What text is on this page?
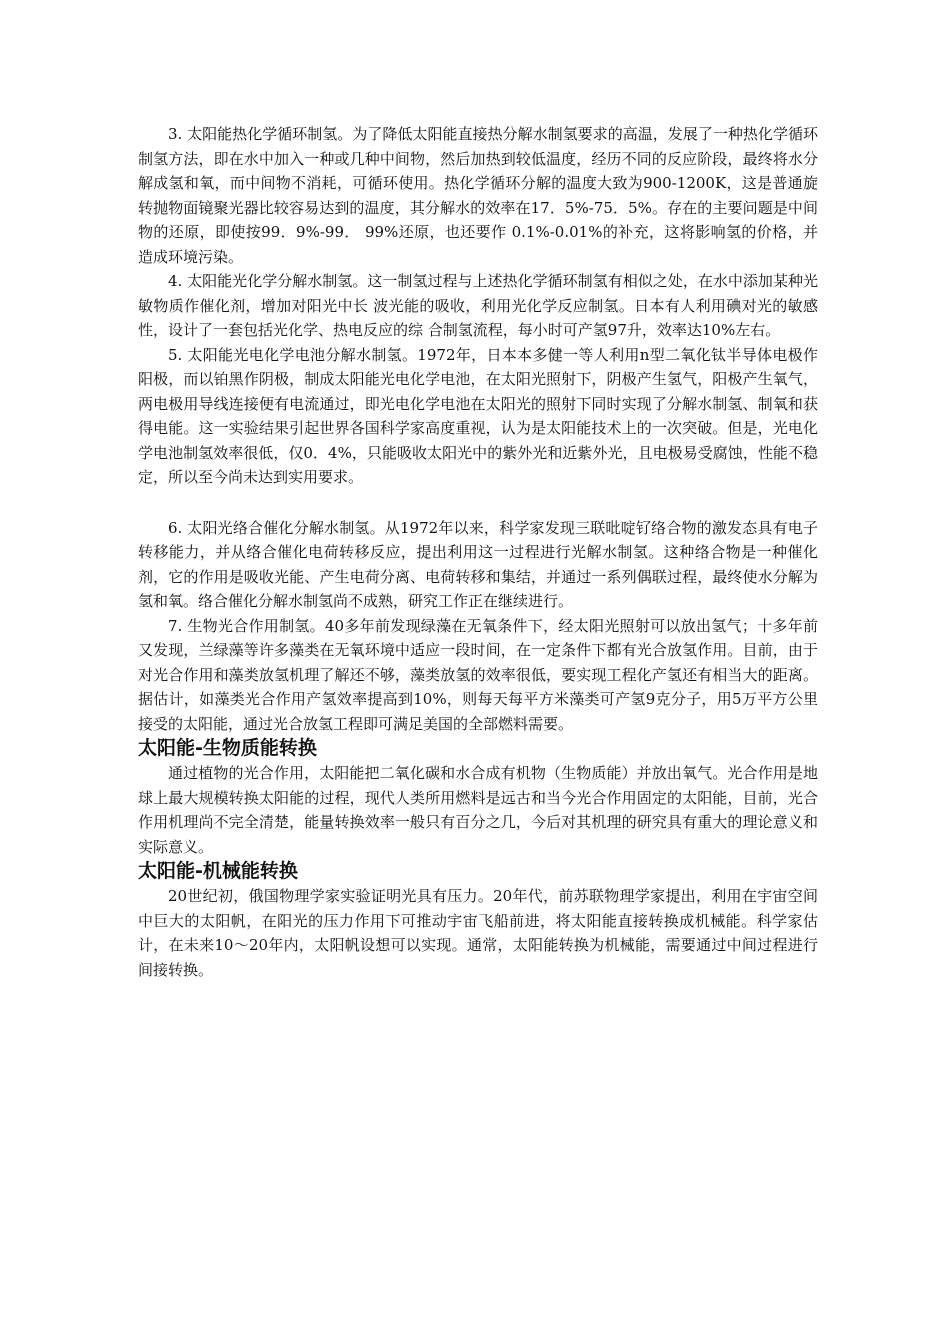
3. 太阳能热化学循环制氢。为了降低太阳能直接热分解水制氢要求的高温，发展了一种热化学循环制氢方法，即在水中加入一种或几种中间物，然后加热到较低温度，经历不同的反应阶段，最终将水分解成氢和氧，而中间物不消耗，可循环使用。热化学循环分解的温度大致为900-1200K，这是普通旋转抛物面镜聚光器比较容易达到的温度，其分解水的效率在17．5%-75．5%。存在的主要问题是中间物的还原，即使按99．9%-99． 99%还原，也还要作 0.1%-0.01%的补充，这将影响氢的价格，并造成环境污染。

4. 太阳能光化学分解水制氢。这一制氢过程与上述热化学循环制氢有相似之处，在水中添加某种光敏物质作催化剂，增加对阳光中长 波光能的吸收，利用光化学反应制氢。日本有人利用碘对光的敏感性，设计了一套包括光化学、热电反应的综 合制氢流程，每小时可产氢97升，效率达10%左右。

5. 太阳能光电化学电池分解水制氢。1972年，日本本多健一等人利用n型二氧化钛半导体电极作阳极，而以铂黑作阴极，制成太阳能光电化学电池，在太阳光照射下，阴极产生氢气，阳极产生氧气，两电极用导线连接便有电流通过，即光电化学电池在太阳光的照射下同时实现了分解水制氢、制氧和获得电能。这一实验结果引起世界各国科学家高度重视，认为是太阳能技术上的一次突破。但是，光电化学电池制氢效率很低，仅0．4%，只能吸收太阳光中的紫外光和近紫外光，且电极易受腐蚀，性能不稳定，所以至今尚未达到实用要求。

6. 太阳光络合催化分解水制氢。从1972年以来，科学家发现三联吡啶钌络合物的激发态具有电子转移能力，并从络合催化电荷转移反应，提出利用这一过程进行光解水制氢。这种络合物是一种催化剂，它的作用是吸收光能、产生电荷分离、电荷转移和集结，并通过一系列偶联过程，最终使水分解为氢和氧。络合催化分解水制氢尚不成熟，研究工作正在继续进行。

7. 生物光合作用制氢。40多年前发现绿藻在无氧条件下，经太阳光照射可以放出氢气；十多年前又发现，兰绿藻等许多藻类在无氧环境中适应一段时间，在一定条件下都有光合放氢作用。目前，由于对光合作用和藻类放氢机理了解还不够，藻类放氢的效率很低，要实现工程化产氢还有相当大的距离。据估计，如藻类光合作用产氢效率提高到10%，则每天每平方米藻类可产氢9克分子，用5万平方公里接受的太阳能，通过光合放氢工程即可满足美国的全部燃料需要。

太阳能-生物质能转换

通过植物的光合作用，太阳能把二氧化碳和水合成有机物（生物质能）并放出氧气。光合作用是地球上最大规模转换太阳能的过程，现代人类所用燃料是远古和当今光合作用固定的太阳能，目前，光合作用机理尚不完全清楚，能量转换效率一般只有百分之几，今后对其机理的研究具有重大的理论意义和实际意义。

太阳能-机械能转换

20世纪初，俄国物理学家实验证明光具有压力。20年代，前苏联物理学家提出，利用在宇宙空间中巨大的太阳帆，在阳光的压力作用下可推动宇宙飞船前进，将太阳能直接转换成机械能。科学家估计，在未来10～20年内，太阳帆设想可以实现。通常，太阳能转换为机械能，需要通过中间过程进行间接转换。
